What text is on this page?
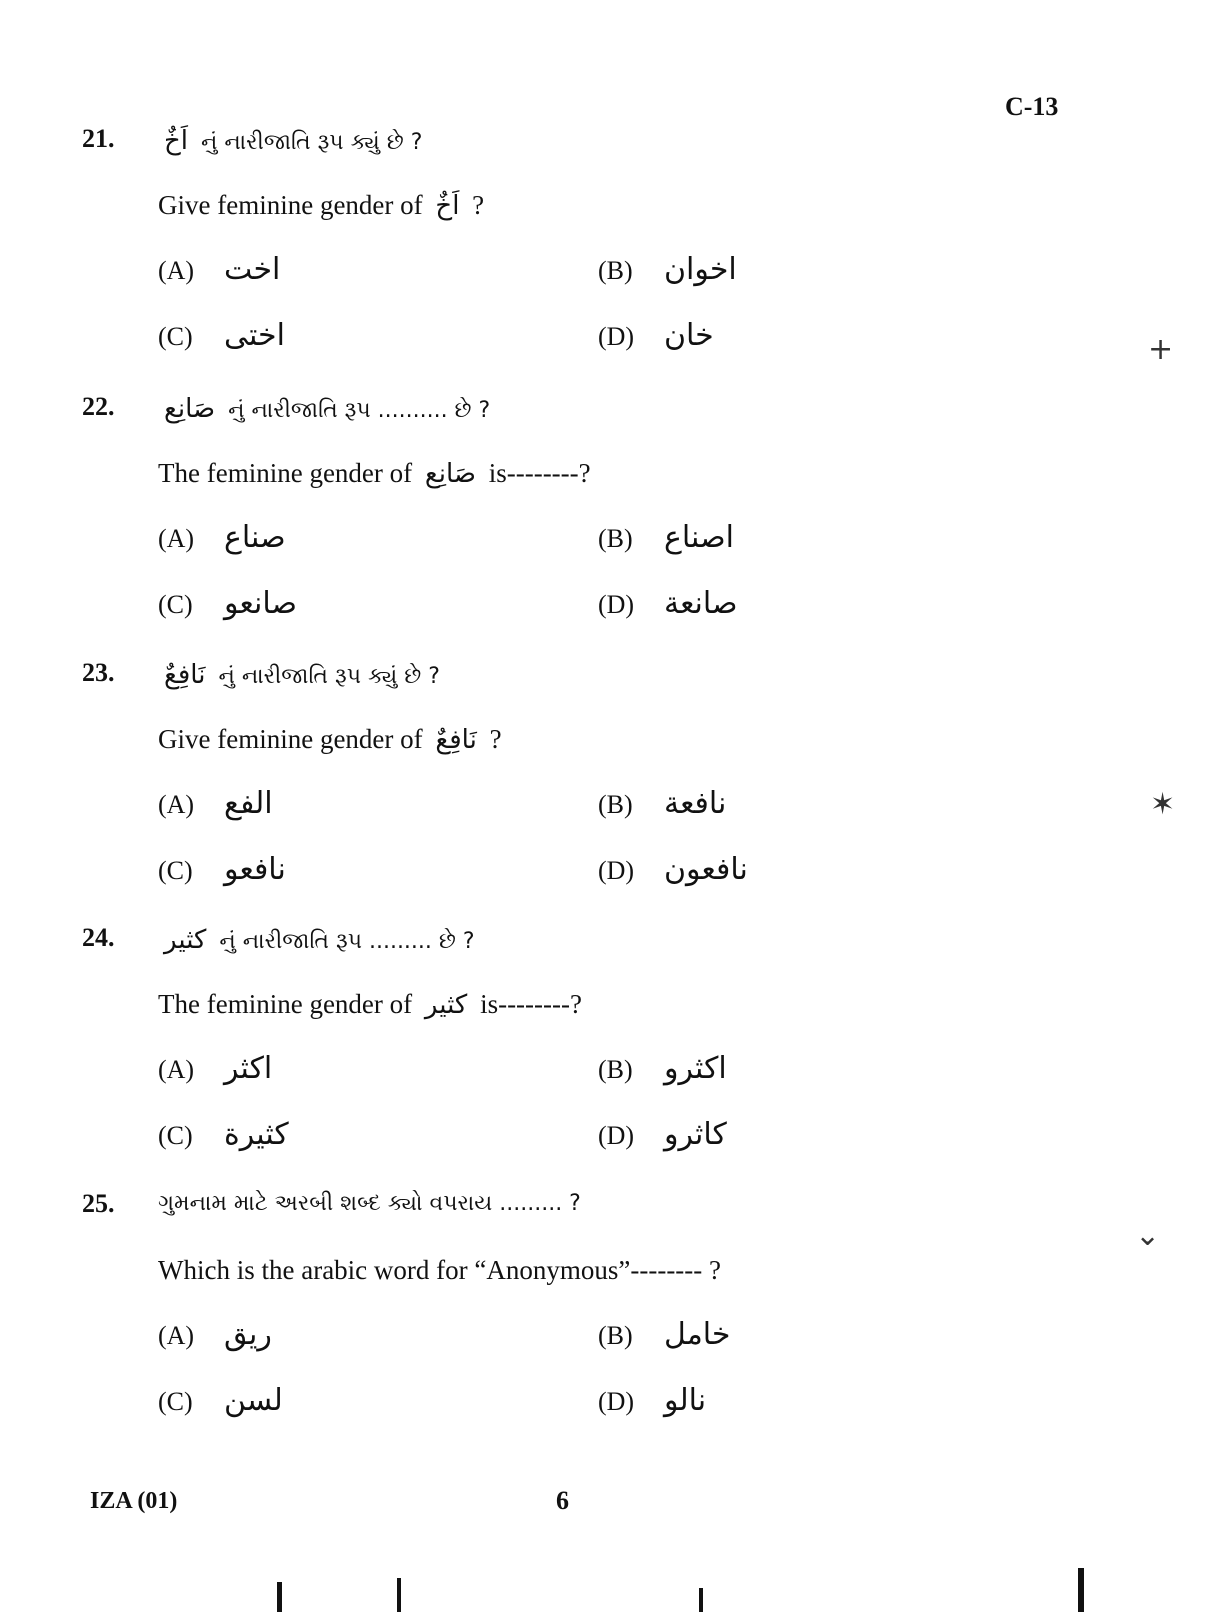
C-13
21. اَخٌ નું નારીજાતિ રૂપ ક્યું છે ?
Give feminine gender of اَخٌ ?
(A) اخت	(B) اخوان
(C) اختی	(D) خان
22. صَانِع નું નારીજાતિ રૂપ .......... છે ?
The feminine gender of صَانِع is--------?
(A) صناع	(B) اصناع
(C) صانعو	(D) صانعة
23. نَافِعٌ નું નારીજાતિ રૂપ ક્યું છે ?
Give feminine gender of نَافِعٌ ?
(A) الفع	(B) نافعة
(C) نافعو	(D) نافعون
24. كثير નું નારીજાતિ રૂપ ......... છે ?
The feminine gender of كثير is--------?
(A) اكثر	(B) اكثرو
(C) كثيرة	(D) كاثرو
25. ગુમનામ માટે અરબી શબ્દ ક્યો વપરાય ......... ?
Which is the arabic word for “Anonymous”-------- ?
(A) ريق	(B) خامل
(C) لسن	(D) نالو
IZA (01)	6
+
✶
⌄
